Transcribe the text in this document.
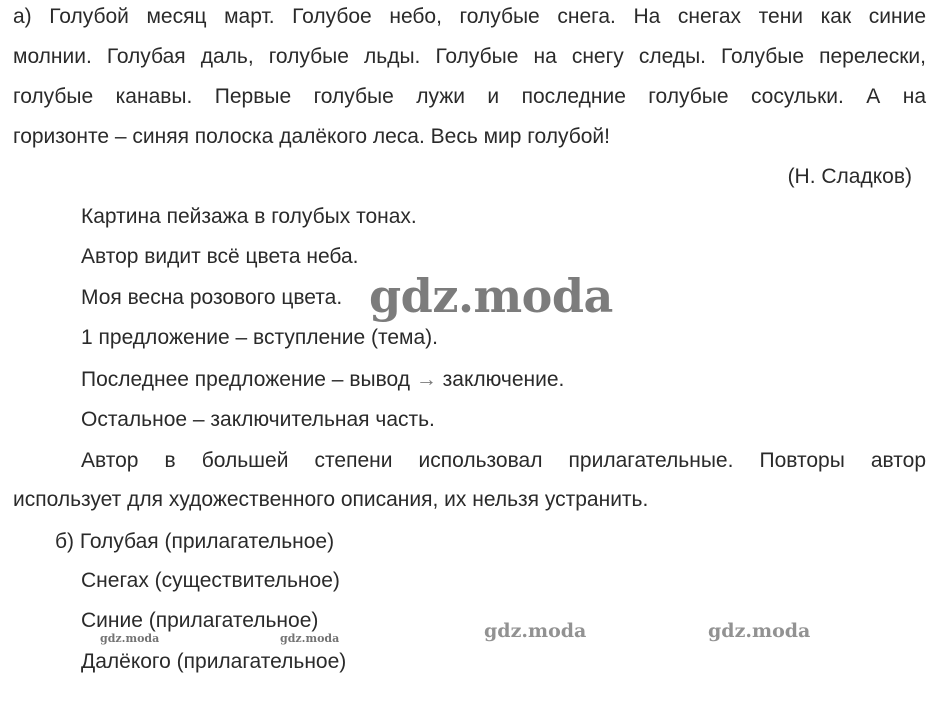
а) Голубой месяц март. Голубое небо, голубые снега. На снегах тени как синие
молнии. Голубая даль, голубые льды. Голубые на снегу следы. Голубые перелески,
голубые канавы. Первые голубые лужи и последние голубые сосульки. А на
горизонте – синяя полоска далёкого леса. Весь мир голубой!
(Н. Сладков)
Картина пейзажа в голубых тонах.
Автор видит всё цвета неба.
Моя весна розового цвета.
1 предложение – вступление (тема).
Последнее предложение – вывод → заключение.
Остальное – заключительная часть.
Автор в большей степени использовал прилагательные. Повторы автор
использует для художественного описания, их нельзя устранить.
б) Голубая (прилагательное)
Снегах (существительное)
Синие (прилагательное)
Далёкого (прилагательное)
gdz.moda
gdz.moda	gdz.moda	gdz.moda	gdz.moda
